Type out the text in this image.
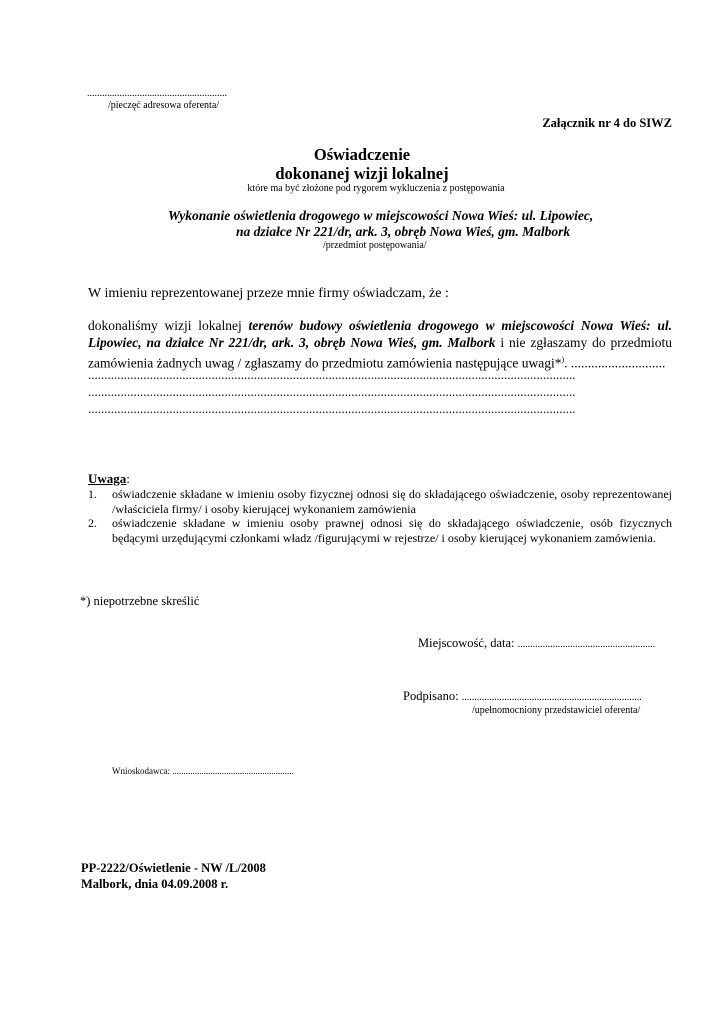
........................................................
/pieczęć adresowa oferenta/
Załącznik nr 4 do SIWZ
Oświadczenie
dokonanej wizji lokalnej
które ma być złożone pod rygorem wykluczenia z postępowania
Wykonanie oświetlenia drogowego w miejscowości Nowa Wieś: ul. Lipowiec,
na działce Nr 221/dr, ark. 3, obręb Nowa Wieś, gm. Malbork
/przedmiot postępowania/
W imieniu reprezentowanej przeze mnie firmy oświadczam, że :
dokonaliśmy wizji lokalnej terenów budowy oświetlenia drogowego w miejscowości Nowa Wieś: ul. Lipowiec, na działce Nr 221/dr, ark. 3, obręb Nowa Wieś, gm. Malbork i nie zgłaszamy do przedmiotu zamówienia żadnych uwag / zgłaszamy do przedmiotu zamówienia następujące uwagi*). ............................
......................................................................................................................................................
......................................................................................................................................................
......................................................................................................................................................
Uwaga:
1. oświadczenie składane w imieniu osoby fizycznej odnosi się do składającego oświadczenie, osoby reprezentowanej /właściciela firmy/ i osoby kierującej wykonaniem zamówienia
2. oświadczenie składane w imieniu osoby prawnej odnosi się do składającego oświadczenie, osób fizycznych będącymi urzędującymi członkami władz /figurującymi w rejestrze/ i osoby kierującej wykonaniem zamówienia.
*) niepotrzebne skreślić
Miejscowość, data: .......................................................
Podpisano: ........................................................................
/upełnomocniony przedstawiciel oferenta/
Wnioskodawca: ......................................................
PP-2222/Oświetlenie - NW /L/2008
Malbork, dnia 04.09.2008 r.
